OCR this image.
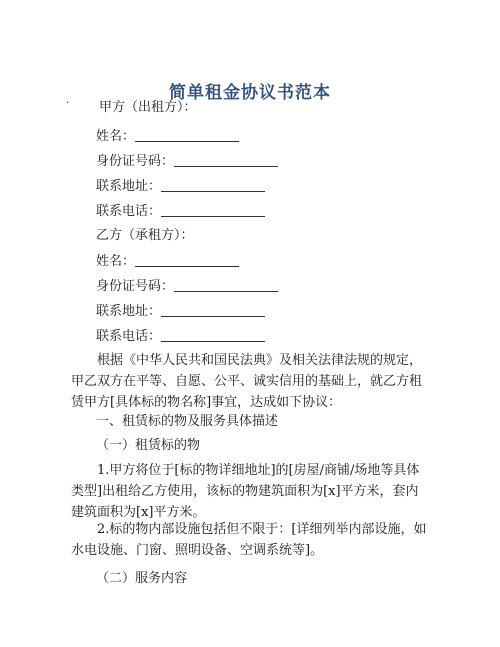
简单租金协议书范本
· 甲方（出租方）：
姓名：
身份证号码：
联系地址：
联系电话：
乙方（承租方）：
姓名：
身份证号码：
联系地址：
联系电话：
根据《中华人民共和国民法典》及相关法律法规的规定，甲乙双方在平等、自愿、公平、诚实信用的基础上，就乙方租赁甲方[具体标的物名称]事宜，达成如下协议：
一、租赁标的物及服务具体描述
（一）租赁标的物
1.甲方将位于[标的物详细地址]的[房屋/商铺/场地等具体类型]出租给乙方使用，该标的物建筑面积为[x]平方米，套内建筑面积为[x]平方米。
2.标的物内部设施包括但不限于：[详细列举内部设施，如水电设施、门窗、照明设备、空调系统等]。
（二）服务内容
